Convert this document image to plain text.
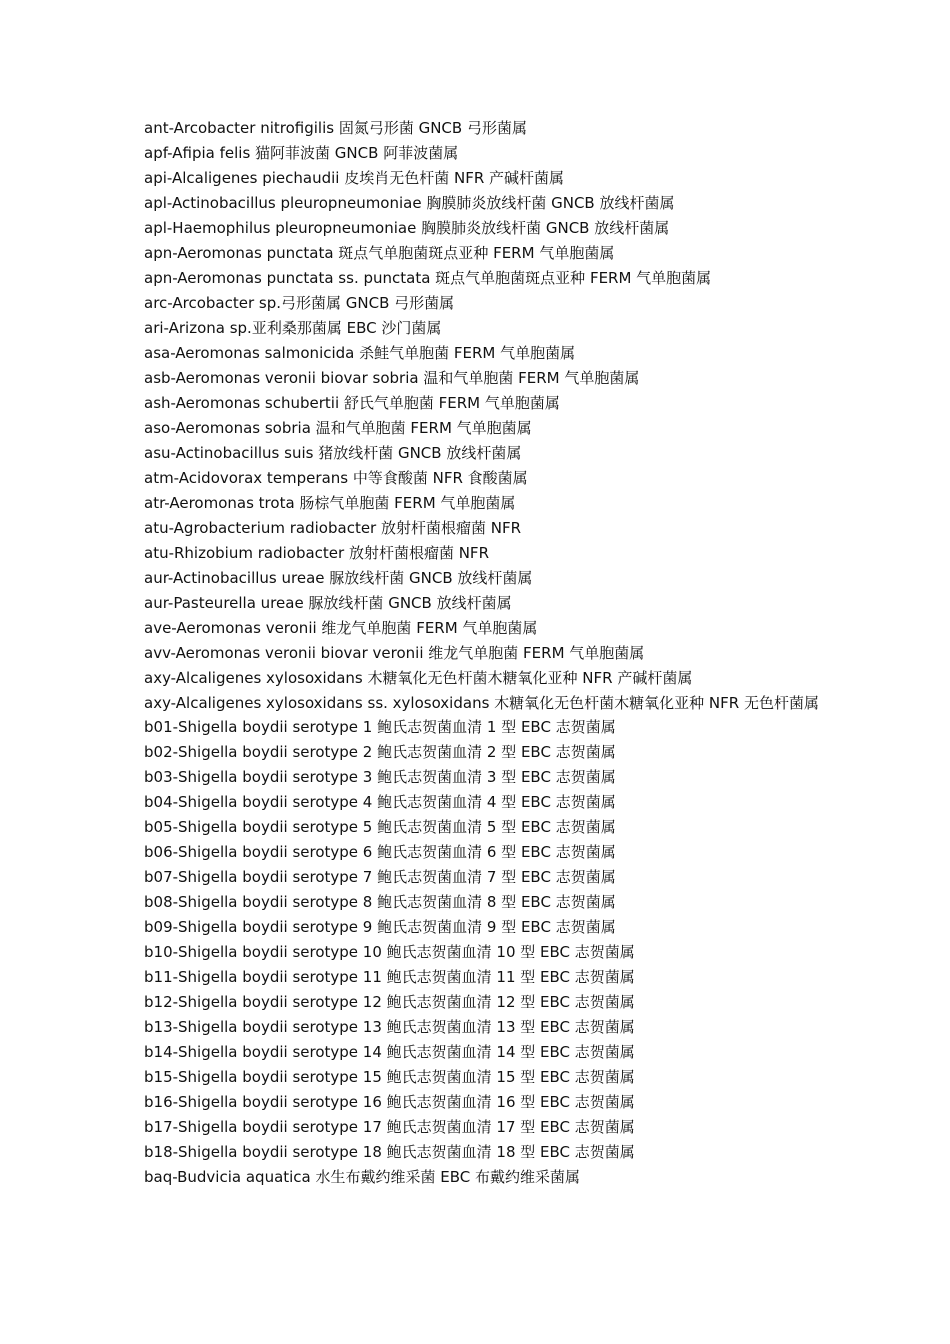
ant-Arcobacter nitrofigilis 固氮弓形菌 GNCB 弓形菌属
apf-Afipia felis 猫阿菲波菌 GNCB 阿菲波菌属
api-Alcaligenes piechaudii 皮埃肖无色杆菌 NFR 产碱杆菌属
apl-Actinobacillus pleuropneumoniae 胸膜肺炎放线杆菌 GNCB 放线杆菌属
apl-Haemophilus pleuropneumoniae 胸膜肺炎放线杆菌 GNCB 放线杆菌属
apn-Aeromonas punctata 斑点气单胞菌斑点亚种 FERM 气单胞菌属
apn-Aeromonas punctata ss. punctata 斑点气单胞菌斑点亚种 FERM 气单胞菌属
arc-Arcobacter sp.弓形菌属 GNCB 弓形菌属
ari-Arizona sp.亚利桑那菌属 EBC 沙门菌属
asa-Aeromonas salmonicida 杀鲑气单胞菌 FERM 气单胞菌属
asb-Aeromonas veronii biovar sobria 温和气单胞菌 FERM 气单胞菌属
ash-Aeromonas schubertii 舒氏气单胞菌 FERM 气单胞菌属
aso-Aeromonas sobria 温和气单胞菌 FERM 气单胞菌属
asu-Actinobacillus suis 猪放线杆菌 GNCB 放线杆菌属
atm-Acidovorax temperans 中等食酸菌 NFR 食酸菌属
atr-Aeromonas trota 肠棕气单胞菌 FERM 气单胞菌属
atu-Agrobacterium radiobacter 放射杆菌根瘤菌 NFR
atu-Rhizobium radiobacter 放射杆菌根瘤菌 NFR
aur-Actinobacillus ureae 脲放线杆菌 GNCB 放线杆菌属
aur-Pasteurella ureae 脲放线杆菌 GNCB 放线杆菌属
ave-Aeromonas veronii 维龙气单胞菌 FERM 气单胞菌属
avv-Aeromonas veronii biovar veronii 维龙气单胞菌 FERM 气单胞菌属
axy-Alcaligenes xylosoxidans 木糖氧化无色杆菌木糖氧化亚种 NFR 产碱杆菌属
axy-Alcaligenes xylosoxidans ss. xylosoxidans 木糖氧化无色杆菌木糖氧化亚种 NFR 无色杆菌属
b01-Shigella boydii serotype 1 鲍氏志贺菌血清 1 型 EBC 志贺菌属
b02-Shigella boydii serotype 2 鲍氏志贺菌血清 2 型 EBC 志贺菌属
b03-Shigella boydii serotype 3 鲍氏志贺菌血清 3 型 EBC 志贺菌属
b04-Shigella boydii serotype 4 鲍氏志贺菌血清 4 型 EBC 志贺菌属
b05-Shigella boydii serotype 5 鲍氏志贺菌血清 5 型 EBC 志贺菌属
b06-Shigella boydii serotype 6 鲍氏志贺菌血清 6 型 EBC 志贺菌属
b07-Shigella boydii serotype 7 鲍氏志贺菌血清 7 型 EBC 志贺菌属
b08-Shigella boydii serotype 8 鲍氏志贺菌血清 8 型 EBC 志贺菌属
b09-Shigella boydii serotype 9 鲍氏志贺菌血清 9 型 EBC 志贺菌属
b10-Shigella boydii serotype 10 鲍氏志贺菌血清 10 型 EBC 志贺菌属
b11-Shigella boydii serotype 11 鲍氏志贺菌血清 11 型 EBC 志贺菌属
b12-Shigella boydii serotype 12 鲍氏志贺菌血清 12 型 EBC 志贺菌属
b13-Shigella boydii serotype 13 鲍氏志贺菌血清 13 型 EBC 志贺菌属
b14-Shigella boydii serotype 14 鲍氏志贺菌血清 14 型 EBC 志贺菌属
b15-Shigella boydii serotype 15 鲍氏志贺菌血清 15 型 EBC 志贺菌属
b16-Shigella boydii serotype 16 鲍氏志贺菌血清 16 型 EBC 志贺菌属
b17-Shigella boydii serotype 17 鲍氏志贺菌血清 17 型 EBC 志贺菌属
b18-Shigella boydii serotype 18 鲍氏志贺菌血清 18 型 EBC 志贺菌属
baq-Budvicia aquatica 水生布戴约维采菌 EBC 布戴约维采菌属
